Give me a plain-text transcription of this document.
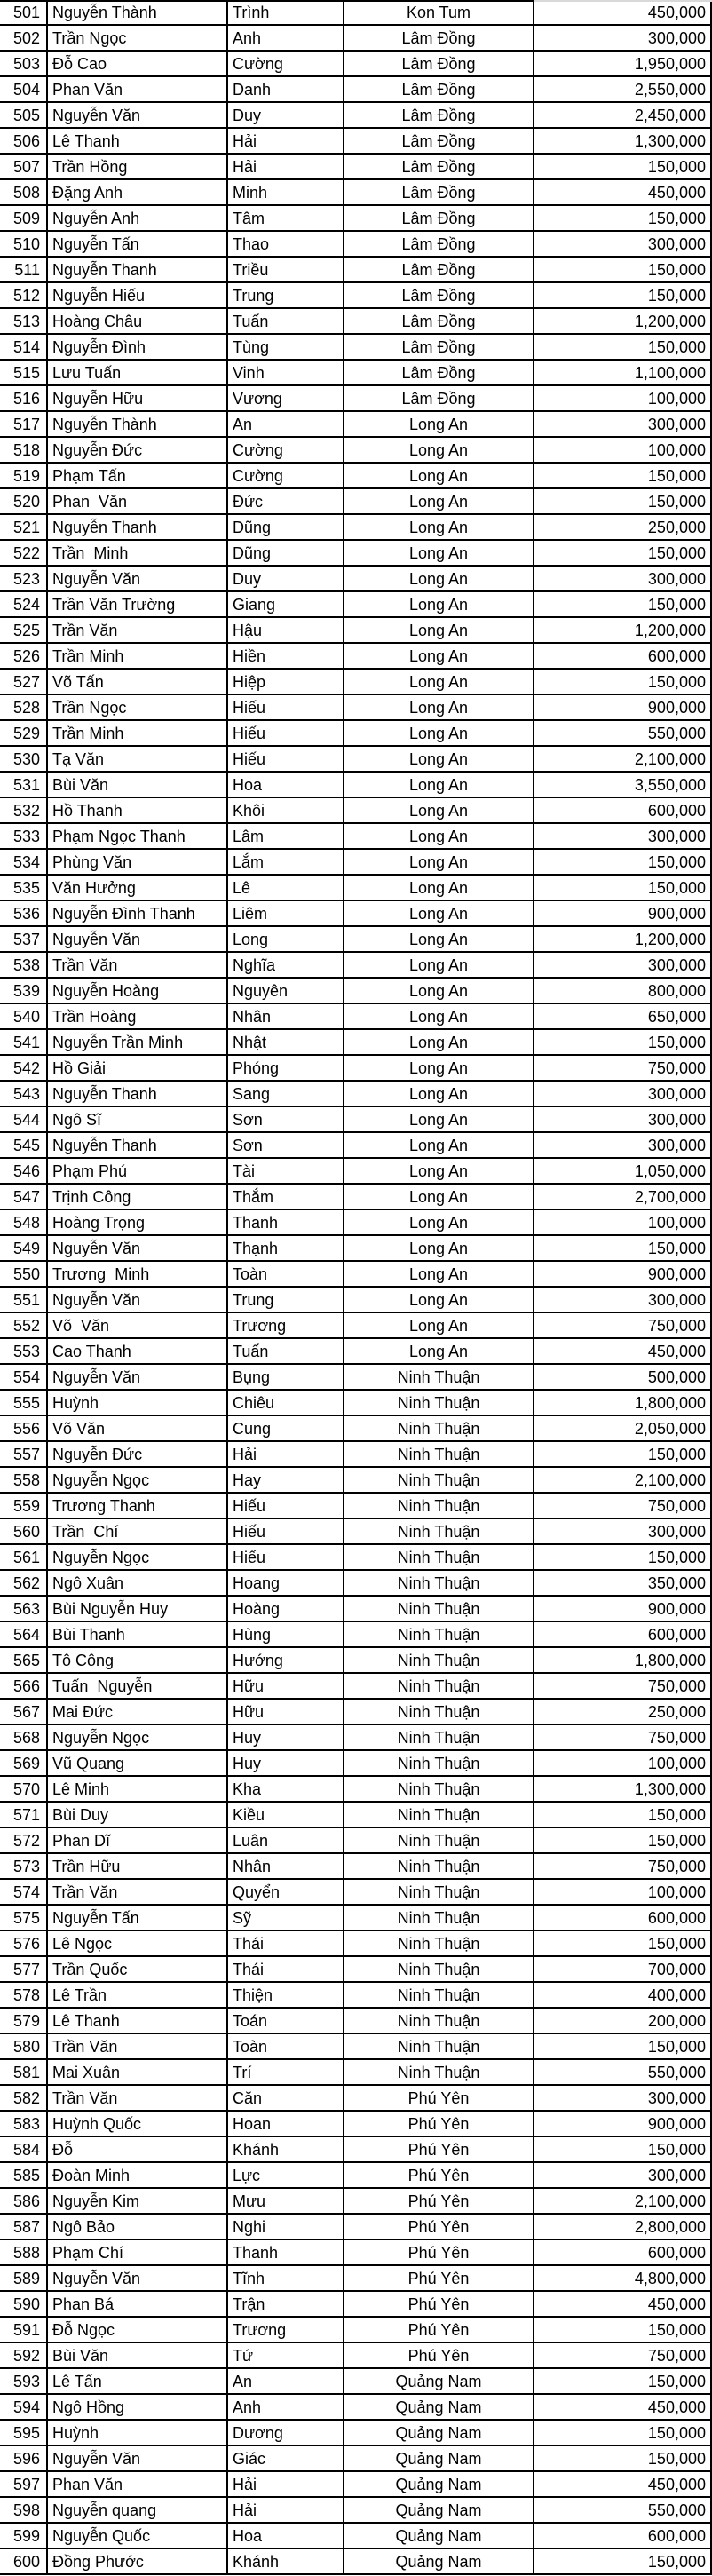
501 Nguyễn Thành	Trình	Kon Tum	450,000
502 Trần Ngọc	Anh	Lâm Đồng	300,000
503 Đỗ Cao	Cường	Lâm Đồng	1,950,000
504 Phan Văn	Danh	Lâm Đồng	2,550,000
505 Nguyễn Văn	Duy	Lâm Đồng	2,450,000
506 Lê Thanh	Hải	Lâm Đồng	1,300,000
507 Trần Hồng	Hải	Lâm Đồng	150,000
508 Đặng Anh	Minh	Lâm Đồng	450,000
509 Nguyễn Anh	Tâm	Lâm Đồng	150,000
510 Nguyễn Tấn	Thao	Lâm Đồng	300,000
511 Nguyễn Thanh	Triều	Lâm Đồng	150,000
512 Nguyễn Hiếu	Trung	Lâm Đồng	150,000
513 Hoàng Châu	Tuấn	Lâm Đồng	1,200,000
514 Nguyễn Đình	Tùng	Lâm Đồng	150,000
515 Lưu Tuấn	Vinh	Lâm Đồng	1,100,000
516 Nguyễn Hữu	Vương	Lâm Đồng	100,000
517 Nguyễn Thành	An	Long An	300,000
518 Nguyễn Đức	Cường	Long An	100,000
519 Phạm Tấn	Cường	Long An	150,000
520 Phan  Văn	Đức	Long An	150,000
521 Nguyễn Thanh	Dũng	Long An	250,000
522 Trần  Minh	Dũng	Long An	150,000
523 Nguyễn Văn	Duy	Long An	300,000
524 Trần Văn Trường	Giang	Long An	150,000
525 Trần Văn	Hậu	Long An	1,200,000
526 Trần Minh	Hiền	Long An	600,000
527 Võ Tấn	Hiệp	Long An	150,000
528 Trần Ngọc	Hiếu	Long An	900,000
529 Trần Minh	Hiếu	Long An	550,000
530 Tạ Văn	Hiếu	Long An	2,100,000
531 Bùi Văn	Hoa	Long An	3,550,000
532 Hồ Thanh	Khôi	Long An	600,000
533 Phạm Ngọc Thanh	Lâm	Long An	300,000
534 Phùng Văn	Lắm	Long An	150,000
535 Văn Hưởng	Lê	Long An	150,000
536 Nguyễn Đình Thanh	Liêm	Long An	900,000
537 Nguyễn Văn	Long	Long An	1,200,000
538 Trần Văn	Nghĩa	Long An	300,000
539 Nguyễn Hoàng	Nguyên	Long An	800,000
540 Trần Hoàng	Nhân	Long An	650,000
541 Nguyễn Trần Minh	Nhật	Long An	150,000
542 Hồ Giải	Phóng	Long An	750,000
543 Nguyễn Thanh	Sang	Long An	300,000
544 Ngô Sĩ	Sơn	Long An	300,000
545 Nguyễn Thanh	Sơn	Long An	300,000
546 Phạm Phú	Tài	Long An	1,050,000
547 Trịnh Công	Thắm	Long An	2,700,000
548 Hoàng Trọng	Thanh	Long An	100,000
549 Nguyễn Văn	Thạnh	Long An	150,000
550 Trương  Minh	Toàn	Long An	900,000
551 Nguyễn Văn	Trung	Long An	300,000
552 Võ  Văn	Trương	Long An	750,000
553 Cao Thanh	Tuấn	Long An	450,000
554 Nguyễn Văn	Bụng	Ninh Thuận	500,000
555 Huỳnh	Chiêu	Ninh Thuận	1,800,000
556 Võ Văn	Cung	Ninh Thuận	2,050,000
557 Nguyễn Đức	Hải	Ninh Thuận	150,000
558 Nguyễn Ngọc	Hay	Ninh Thuận	2,100,000
559 Trương Thanh	Hiếu	Ninh Thuận	750,000
560 Trần  Chí	Hiếu	Ninh Thuận	300,000
561 Nguyễn Ngọc	Hiếu	Ninh Thuận	150,000
562 Ngô Xuân	Hoang	Ninh Thuận	350,000
563 Bùi Nguyễn Huy	Hoàng	Ninh Thuận	900,000
564 Bùi Thanh	Hùng	Ninh Thuận	600,000
565 Tô Công	Hướng	Ninh Thuận	1,800,000
566 Tuấn  Nguyễn	Hữu	Ninh Thuận	750,000
567 Mai Đức	Hữu	Ninh Thuận	250,000
568 Nguyễn Ngọc	Huy	Ninh Thuận	750,000
569 Vũ Quang	Huy	Ninh Thuận	100,000
570 Lê Minh	Kha	Ninh Thuận	1,300,000
571 Bùi Duy	Kiều	Ninh Thuận	150,000
572 Phan Dĩ	Luân	Ninh Thuận	150,000
573 Trần Hữu	Nhân	Ninh Thuận	750,000
574 Trần Văn	Quyển	Ninh Thuận	100,000
575 Nguyễn Tấn	Sỹ	Ninh Thuận	600,000
576 Lê Ngọc	Thái	Ninh Thuận	150,000
577 Trần Quốc	Thái	Ninh Thuận	700,000
578 Lê Trần	Thiện	Ninh Thuận	400,000
579 Lê Thanh	Toán	Ninh Thuận	200,000
580 Trần Văn	Toàn	Ninh Thuận	150,000
581 Mai Xuân	Trí	Ninh Thuận	550,000
582 Trần Văn	Căn	Phú Yên	300,000
583 Huỳnh Quốc	Hoan	Phú Yên	900,000
584 Đỗ	Khánh	Phú Yên	150,000
585 Đoàn Minh	Lực	Phú Yên	300,000
586 Nguyễn Kim	Mưu	Phú Yên	2,100,000
587 Ngô Bảo	Nghi	Phú Yên	2,800,000
588 Phạm Chí	Thanh	Phú Yên	600,000
589 Nguyễn Văn	Tĩnh	Phú Yên	4,800,000
590 Phan Bá	Trận	Phú Yên	450,000
591 Đỗ Ngọc	Trương	Phú Yên	150,000
592 Bùi Văn	Tứ	Phú Yên	750,000
593 Lê Tấn	An	Quảng Nam	150,000
594 Ngô Hồng	Anh	Quảng Nam	450,000
595 Huỳnh	Dương	Quảng Nam	150,000
596 Nguyễn Văn	Giác	Quảng Nam	150,000
597 Phan Văn	Hải	Quảng Nam	450,000
598 Nguyễn quang	Hải	Quảng Nam	550,000
599 Nguyễn Quốc	Hoa	Quảng Nam	600,000
600 Đồng Phước	Khánh	Quảng Nam	150,000
